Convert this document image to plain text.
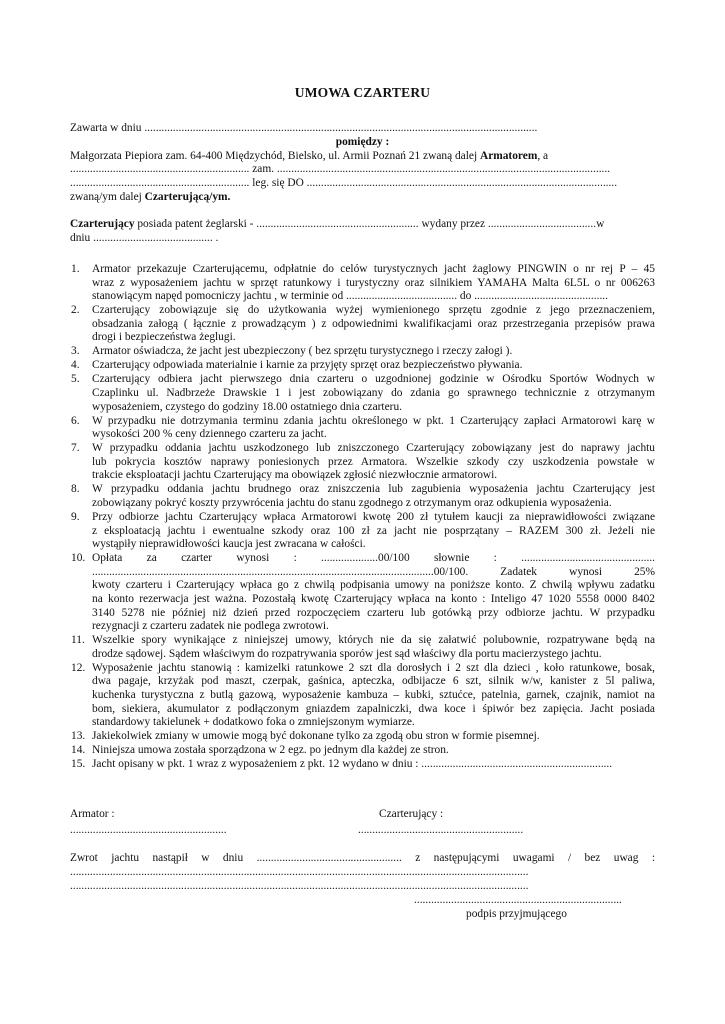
UMOWA CZARTERU
Zawarta w dniu ..........................................................................................................................................
pomiędzy :
Małgorzata Piepiora zam. 64-400 Międzychód, Bielsko, ul. Armii Poznań 21 zwaną dalej Armatorem, a
............................................................... zam. .....................................................................................................................
............................................................... leg. się DO .............................................................................................................
zwaną/ym dalej Czarterującą/ym.
Czarterujący posiada patent żeglarski - ......................................................... wydany przez ......................................w
dniu .......................................... .
1.	Armator przekazuje Czarterującemu, odpłatnie do celów turystycznych jacht żaglowy PINGWIN o nr rej P – 45
wraz z wyposażeniem jachtu w sprzęt ratunkowy i turystyczny oraz silnikiem YAMAHA Malta 6L5L o nr 006263
stanowiącym napęd pomocniczy jachtu , w terminie od ....................................... do ...............................................
2.	Czarterujący zobowiązuje się do użytkowania wyżej wymienionego sprzętu zgodnie z jego przeznaczeniem,
obsadzania załogą ( łącznie z prowadzącym ) z odpowiednimi kwalifikacjami oraz przestrzegania przepisów prawa
drogi i bezpieczeństwa żeglugi.
3.	Armator oświadcza, że jacht jest ubezpieczony ( bez sprzętu turystycznego i rzeczy załogi ).
4.	Czarterujący odpowiada materialnie i karnie za przyjęty sprzęt oraz bezpieczeństwo pływania.
5.	Czarterujący odbiera jacht pierwszego dnia czarteru o uzgodnionej godzinie w Ośrodku Sportów Wodnych w
Czaplinku ul. Nadbrzeże Drawskie 1 i jest zobowiązany do zdania go sprawnego technicznie z otrzymanym
wyposażeniem, czystego do godziny 18.00 ostatniego dnia czarteru.
6.	W przypadku nie dotrzymania terminu zdania jachtu określonego w pkt. 1 Czarterujący zapłaci Armatorowi karę w
wysokości 200 % ceny dziennego czarteru za jacht.
7.	W przypadku oddania jachtu uszkodzonego lub zniszczonego Czarterujący zobowiązany jest do naprawy jachtu
lub pokrycia kosztów naprawy poniesionych przez Armatora. Wszelkie szkody czy uszkodzenia powstałe w
trakcie eksploatacji jachtu Czarterujący ma obowiązek zgłosić niezwłocznie armatorowi.
8.	W przypadku oddania jachtu brudnego oraz zniszczenia lub zagubienia wyposażenia jachtu Czarterujący jest
zobowiązany pokryć koszty przywrócenia jachtu do stanu zgodnego z otrzymanym oraz odkupienia wyposażenia.
9.	Przy odbiorze jachtu Czarterujący wpłaca Armatorowi kwotę 200 zł tytułem kaucji za nieprawidłowości związane
z eksploatacją jachtu i ewentualne szkody oraz 100 zł za jacht nie posprzątany – RAZEM 300 zł. Jeżeli nie
wystąpiły nieprawidłowości kaucja jest zwracana w całości.
10. Opłata za czarter wynosi : ....................00/100 słownie : ...............................................
........................................................................................................................00/100. Zadatek wynosi 25%
kwoty czarteru i Czarterujący wpłaca go z chwilą podpisania umowy na poniższe konto. Z chwilą wpływu zadatku
na konto rezerwacja jest ważna. Pozostałą kwotę Czarterujący wpłaca na konto : Inteligo 47 1020 5558 0000 8402
3140 5278 nie później niż dzień przed rozpoczęciem czarteru lub gotówką przy odbiorze jachtu. W przypadku
rezygnacji z czarteru zadatek nie podlega zwrotowi.
11. Wszelkie spory wynikające z niniejszej umowy, których nie da się załatwić polubownie, rozpatrywane będą na
drodze sądowej. Sądem właściwym do rozpatrywania sporów jest sąd właściwy dla portu macierzystego jachtu.
12. Wyposażenie jachtu stanowią : kamizelki ratunkowe 2 szt dla dorosłych i 2 szt dla dzieci , koło ratunkowe, bosak,
dwa pagaje, krzyżak pod maszt, czerpak, gaśnica, apteczka, odbijacze 6 szt, silnik w/w, kanister z 5l paliwa,
kuchenka turystyczna z butlą gazową, wyposażenie kambuza – kubki, sztućce, patelnia, garnek, czajnik, namiot na
bom, siekiera, akumulator z podłączonym gniazdem zapalniczki, dwa koce i śpiwór bez zapięcia. Jacht posiada
standardowy takielunek + dodatkowo foka o zmniejszonym wymiarze.
13. Jakiekolwiek zmiany w umowie mogą być dokonane tylko za zgodą obu stron w formie pisemnej.
14. Niniejsza umowa została sporządzona w 2 egz. po jednym dla każdej ze stron.
15. Jacht opisany w pkt. 1 wraz z wyposażeniem z pkt. 12 wydano w dniu : ...................................................................
Armator :
.......................................................
Czarterujący :
..........................................................
Zwrot jachtu nastąpił w dniu ................................................... z następującymi uwagami / bez uwag :
.................................................................................................................................................................
.................................................................................................................................................................
.........................................................................
podpis przyjmującego
